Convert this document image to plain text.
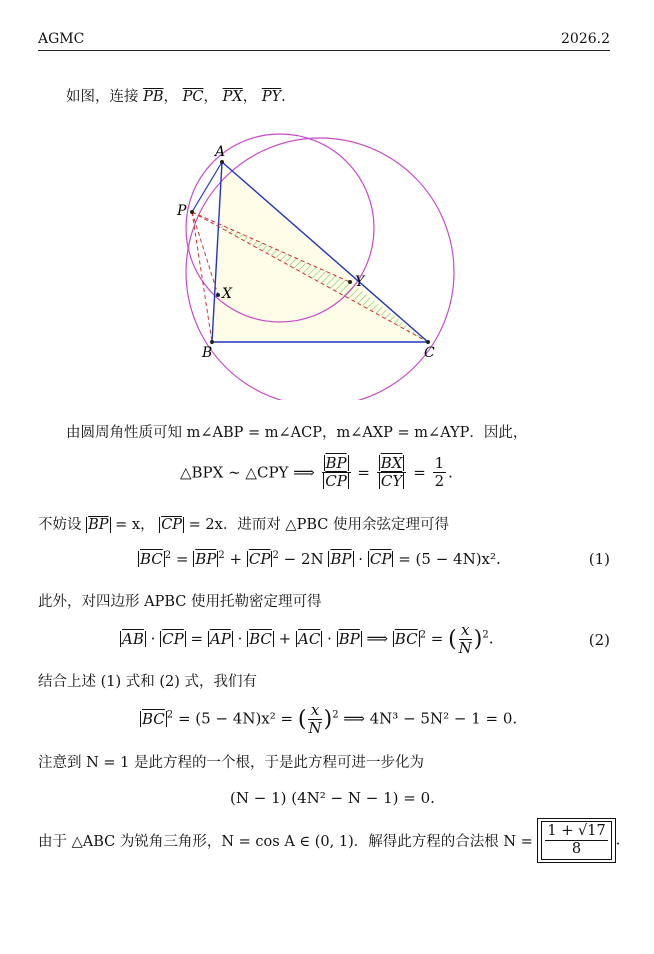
AGMC	2026.2
如图，连接 $\overline{PB}$， $\overline{PC}$， $\overline{PX}$， $\overline{PY}$.
A
P
X
Y
B	C
由圆周角性质可知 m∠ABP = m∠ACP，m∠AXP = m∠AYP．因此，
△BPX ∼ △CPY ⟹ $\frac{\overline{BP}}{CP} = \frac{\overline{BX}}{CY} = \frac{1}{2}$ .
不妨设 $\overline{BP} = x$， $\overline{CP} = 2x$．进而对 △PBC 使用余弦定理可得
$\overline{BC}$ $^2 = \overline{BP}$ $^2 + \overline{CP}$ $^2$ − 2N $\overline{BP} \cdot \overline{CP} = (5 - 4N)x^2$.	(1)
此外，对四边形 APBC 使用托勒密定理可得
$\overline{AB} \cdot \overline{CP} = \overline{AP} \cdot \overline{BC} + \overline{AC} \cdot \overline{BP}$ ⟹ $\overline{BC}$ $^2$ = ( $\frac{x}{N} )^2$.	(2)
结合上述 (1) 式和 (2) 式，我们有
$\overline{BC}$ $^2$ = (5 − 4N)x² = ( $\frac{x}{N} )^2$ ⟹ 4N³ − 5N² − 1 = 0.
注意到 N = 1 是此方程的一个根，于是此方程可进一步化为
(N − 1) (4N² − N − 1) = 0.
由于 △ABC 为锐角三角形，N = cos A ∈ (0, 1)．解得此方程的合法根 $N = \frac{1 + √17}{8}$ .
